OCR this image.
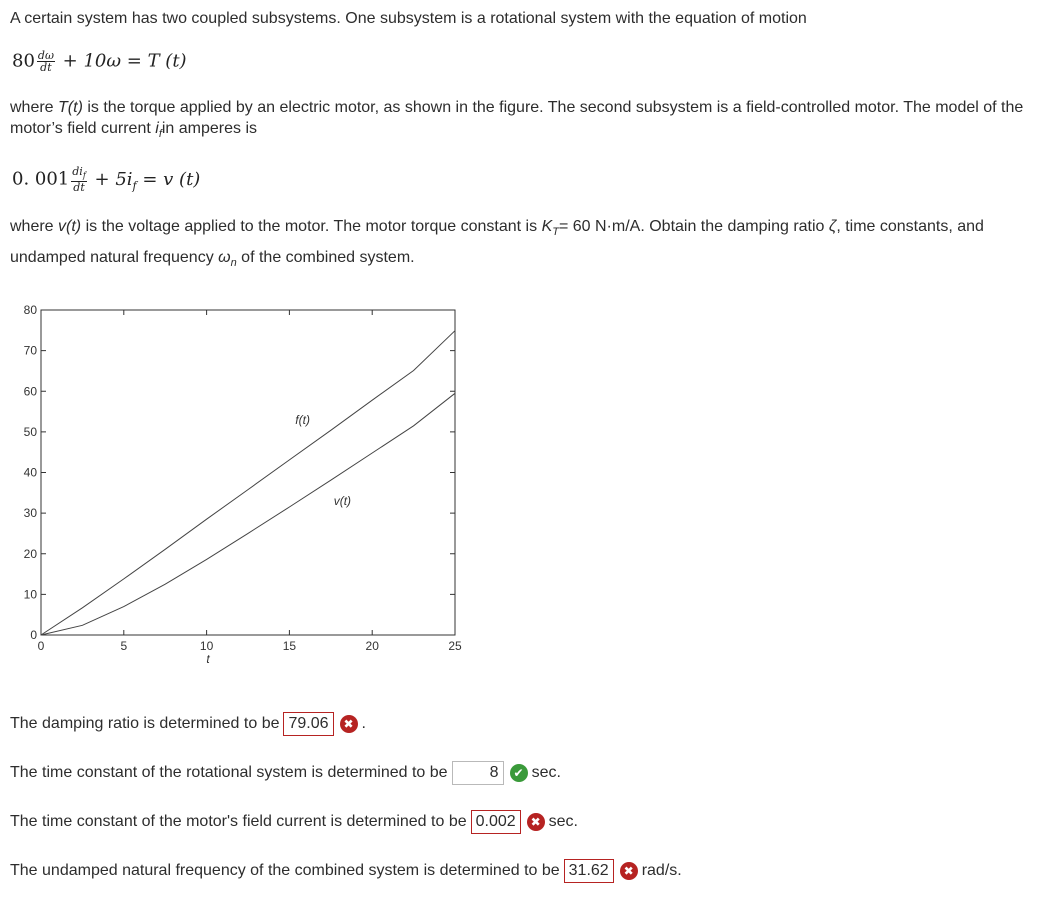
A certain system has two coupled subsystems. One subsystem is a rotational system with the equation of motion

$80 \frac{d\omega}{dt} + 10\omega = T$ (t)

where T(t) is the torque applied by an electric motor, as shown in the figure. The second subsystem is a field-controlled motor. The model of the motor’s field current $i_fin$ amperes is

0. $001 \frac{di_f}{dt} + 5i_f = v$ (t)

where v(t) is the voltage applied to the motor. The motor torque constant is $K_T= 60$ N·m/A. Obtain the damping ratio ζ, time constants, and undamped natural frequency $\omega_n$ of the combined system.

0	5	10	15	20	25
0
10
20
30
40
50
60
70
80
t
f(t)
v(t)
The damping ratio is determined to be 79.06 ✖ .
The time constant of the rotational system is determined to be	8 ✔ sec.
The time constant of the motor's field current is determined to be 0.002 ✖ sec.
The undamped natural frequency of the combined system is determined to be 31.62 ✖ rad/s.
